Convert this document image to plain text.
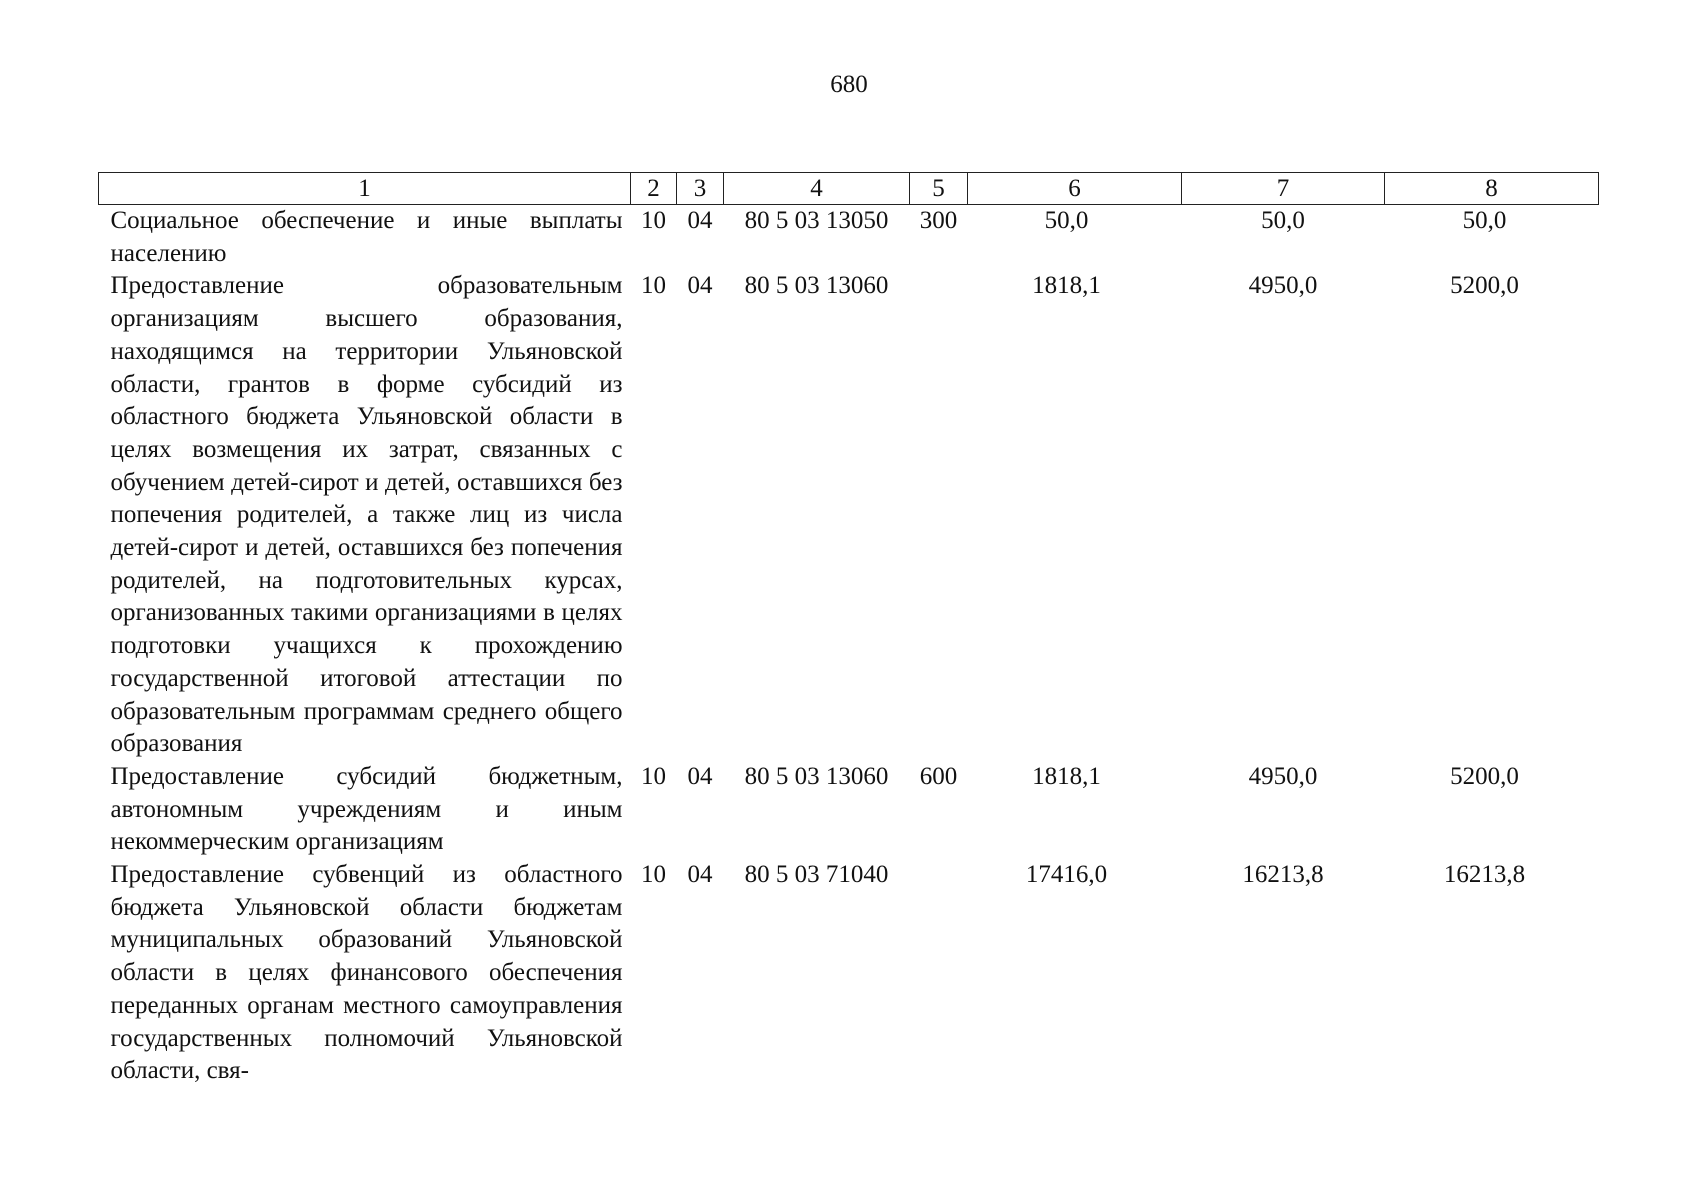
680
1	2	3	4	5	6	7	8
Социальное обеспечение и иные выплаты населению	10	04	80 5 03 13050	300	50,0	50,0	50,0
Предоставление образовательным организациям высшего образования, находящимся на территории Ульяновской области, грантов в форме субсидий из областного бюджета Ульяновской области в целях возмещения их затрат, связанных с обучением детей-сирот и детей, оставшихся без попечения родителей, а также лиц из числа детей-сирот и детей, оставшихся без попечения родителей, на подготовительных курсах, организованных такими организациями в целях подготовки учащихся к прохождению государственной итоговой аттестации по образовательным программам среднего общего образования	10	04	80 5 03 13060		1818,1	4950,0	5200,0
Предоставление субсидий бюджетным, автономным учреждениям и иным некоммерческим организациям	10	04	80 5 03 13060	600	1818,1	4950,0	5200,0
Предоставление субвенций из областного бюджета Ульяновской области бюджетам муниципальных образований Ульяновской области в целях финансового обеспечения переданных органам местного самоуправления государственных полномочий Ульяновской области, свя-	10	04	80 5 03 71040		17416,0	16213,8	16213,8
